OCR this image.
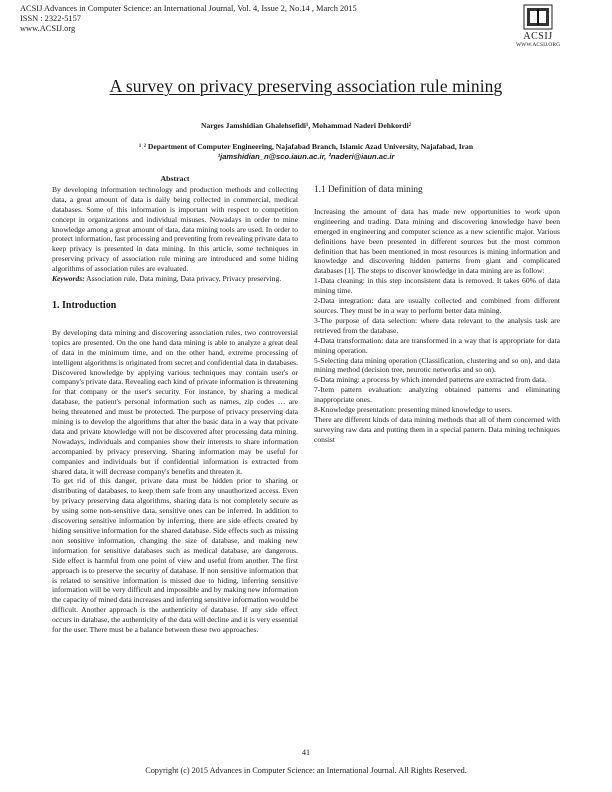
ACSIJ Advances in Computer Science: an International Journal, Vol. 4, Issue 2, No.14 , March 2015
ISSN : 2322-5157
www.ACSIJ.org
ACSIJ
WWW.ACSIJ.ORG
A survey on privacy preserving association rule mining
Narges Jamshidian Ghalehsefidi¹, Mohammad Naderi Dehkordi²
¹˒² Department of Computer Engineering, Najafabad Branch, Islamic Azad University, Najafabad, Iran
¹jamshidian_n@sco.iaun.ac.ir, ²naderi@iaun.ac.ir

Abstract

By developing information technology and production methods and collecting data, a great amount of data is daily being collected in commercial, medical databases. Some of this information is important with respect to competition concept in organizations and individual misuses. Nowadays in order to mine knowledge among a great amount of data, data mining tools are used. In order to protect information, fast processing and preventing from revealing private data to keep privacy is presented in data mining. In this article, some techniques in preserving privacy of association rule mining are introduced and some hiding algorithms of association rules are evaluated.

Keywords: Association rule, Data mining, Data privacy, Privacy preserving.

1. Introduction

By developing data mining and discovering association rules, two controversial topics are presented. On the one hand data mining is able to analyze a great deal of data in the minimum time, and on the other hand, extreme processing of intelligent algorithms is originated from secret and confidential data in databases. Discovered knowledge by applying various techniques may contain user's or company's private data. Revealing each kind of private information is threatening for that company or the user's security. For instance, by sharing a medical database, the patient's personal information such as names, zip codes … are being threatened and must be protected. The purpose of privacy preserving data mining is to develop the algorithms that alter the basic data in a way that private data and private knowledge will not be discovered after processing data mining. Nowadays, individuals and companies show their interests to share information accompanied by privacy preserving. Sharing information may be useful for companies and individuals but if confidential information is extracted from shared data, it will decrease company's benefits and threaten it.

To get rid of this danger, private data must be hidden prior to sharing or distributing of databases, to keep them safe from any unauthorized access. Even by privacy preserving data algorithms, sharing data is not completely secure as by using some non-sensitive data, sensitive ones can be inferred. In addition to discovering sensitive information by inferring, there are side effects created by hiding sensitive information for the shared database. Side effects such as missing non sensitive information, changing the size of database, and making new information for sensitive databases such as medical database, are dangerous. Side effect is harmful from one point of view and useful from another. The first approach is to preserve the security of database. If non sensitive information that is related to sensitive information is missed due to hiding, inferring sensitive information will be very difficult and impossible and by making new information the capacity of mined data increases and inferring sensitive information would be difficult. Another approach is the authenticity of database. If any side effect occurs in database, the authenticity of the data will decline and it is very essential for the user. There must be a balance between these two approaches.

1.1 Definition of data mining

Increasing the amount of data has made new opportunities to work upon engineering and trading. Data mining and discovering knowledge have been emerged in engineering and computer science as a new scientific major. Various definitions have been presented in different sources but the most common definition that has been mentioned in most resources is mining information and knowledge and discovering hidden patterns from giant and complicated databases [1]. The steps to discover knowledge in data mining are as follow:

1-Data cleaning: in this step inconsistent data is removed. It takes 60% of data mining time.

2-Data integration: data are usually collected and combined from different sources. They must be in a way to perform better data mining.

3-The purpose of data selection: where data relevant to the analysis task are retrieved from the database.

4-Data transformation: data are transformed in a way that is appropriate for data mining operation.

5-Selecting data mining operation (Classification, clustering and so on), and data mining method (decision tree, neurotic networks and so on).

6-Data mining: a process by which intended patterns are extracted from data.

7-Item pattern evaluation: analyzing obtained patterns and eliminating inappropriate ones.

8-Knowledge presentation: presenting mined knowledge to users.

There are different kinds of data mining methods that all of them concerned with surveying raw data and putting them in a special pattern. Data mining techniques consist

41
Copyright (c) 2015 Advances in Computer Science: an International Journal. All Rights Reserved.
